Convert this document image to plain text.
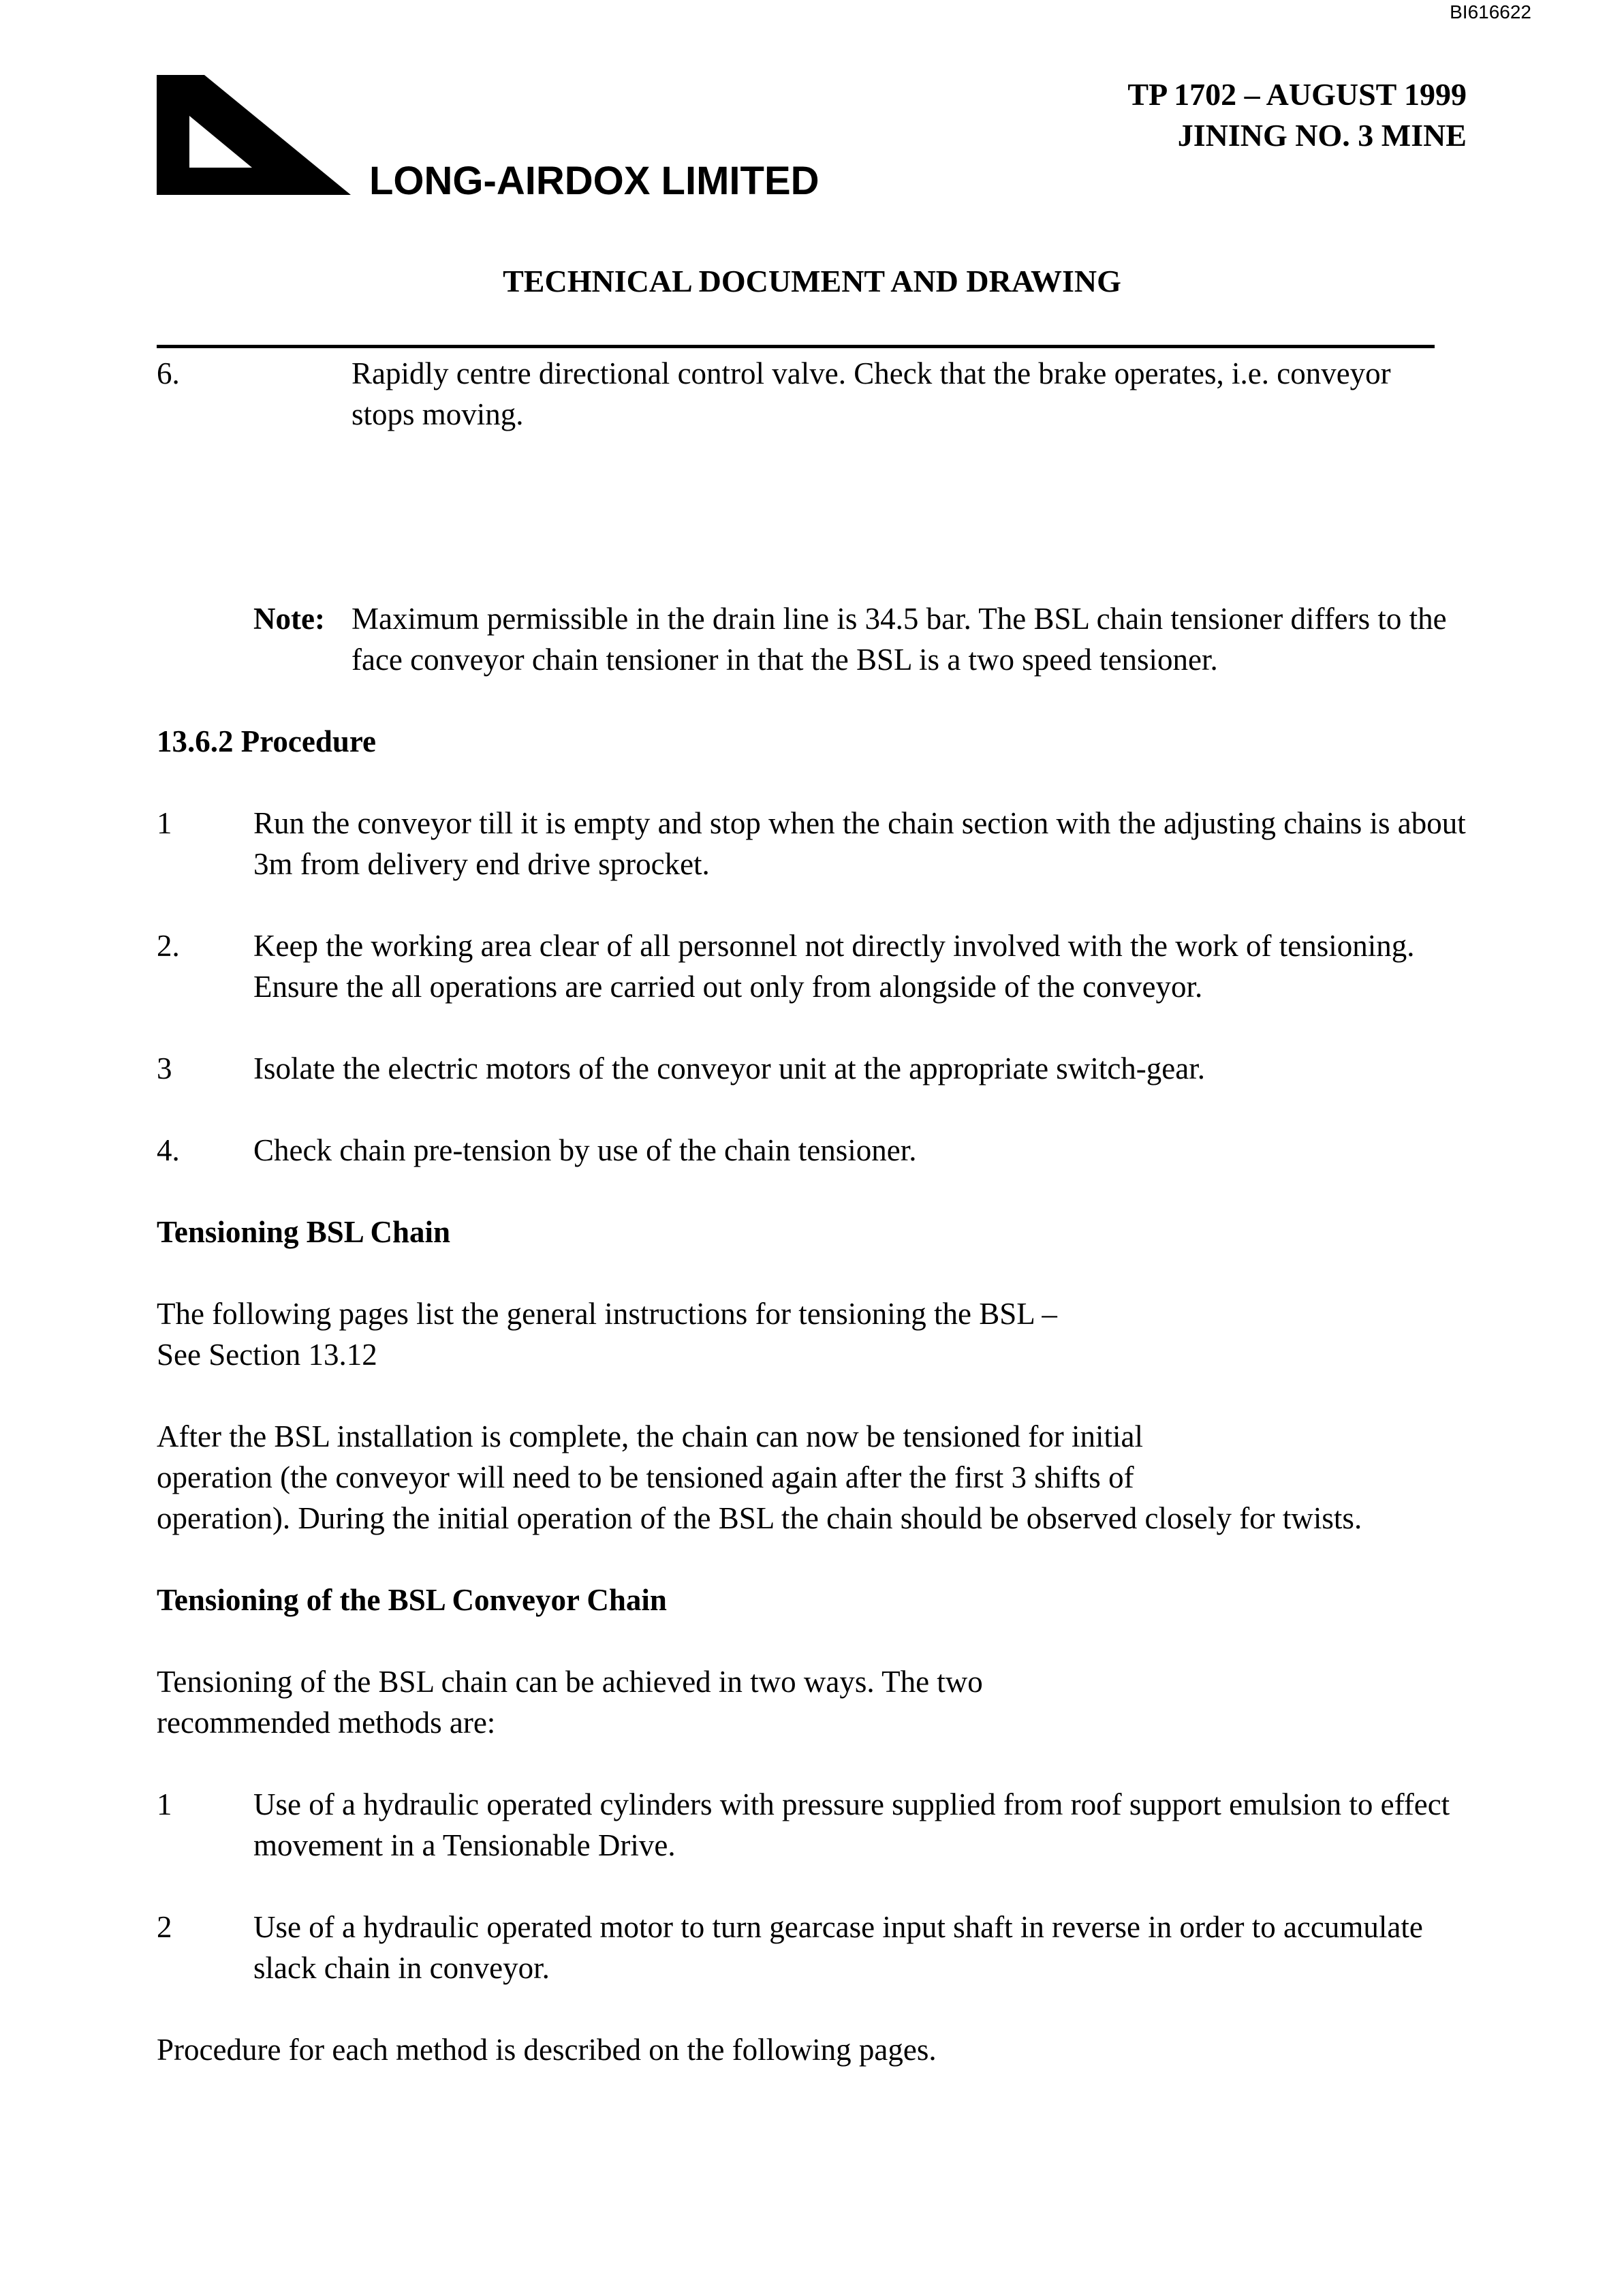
BI616622
LONG-AIRDOX LIMITED
TP 1702 – AUGUST 1999
JINING NO. 3 MINE
TECHNICAL DOCUMENT AND DRAWING
6.	Rapidly centre directional control valve. Check that the brake operates, i.e. conveyor

stops moving.

Note: Maximum permissible in the drain line is 34.5 bar. The BSL chain tensioner differs to the

face conveyor chain tensioner in that the BSL is a two speed tensioner.

13.6.2 Procedure
1	Run the conveyor till it is empty and stop when the chain section with the adjusting chains is about

3m from delivery end drive sprocket.

2. Keep the working area clear of all personnel not directly involved with the work of tensioning.

Ensure the all operations are carried out only from alongside of the conveyor.

3	Isolate the electric motors of the conveyor unit at the appropriate switch-gear.

4. Check chain pre-tension by use of the chain tensioner.

Tensioning BSL Chain

The following pages list the general instructions for tensioning the BSL –

See Section 13.12

After the BSL installation is complete, the chain can now be tensioned for initial

operation (the conveyor will need to be tensioned again after the first 3 shifts of

operation). During the initial operation of the BSL the chain should be observed closely for twists.

Tensioning of the BSL Conveyor Chain

Tensioning of the BSL chain can be achieved in two ways. The two

recommended methods are:

1	Use of a hydraulic operated cylinders with pressure supplied from roof support emulsion to effect

movement in a Tensionable Drive.

2	Use of a hydraulic operated motor to turn gearcase input shaft in reverse in order to accumulate

slack chain in conveyor.

Procedure for each method is described on the following pages.
